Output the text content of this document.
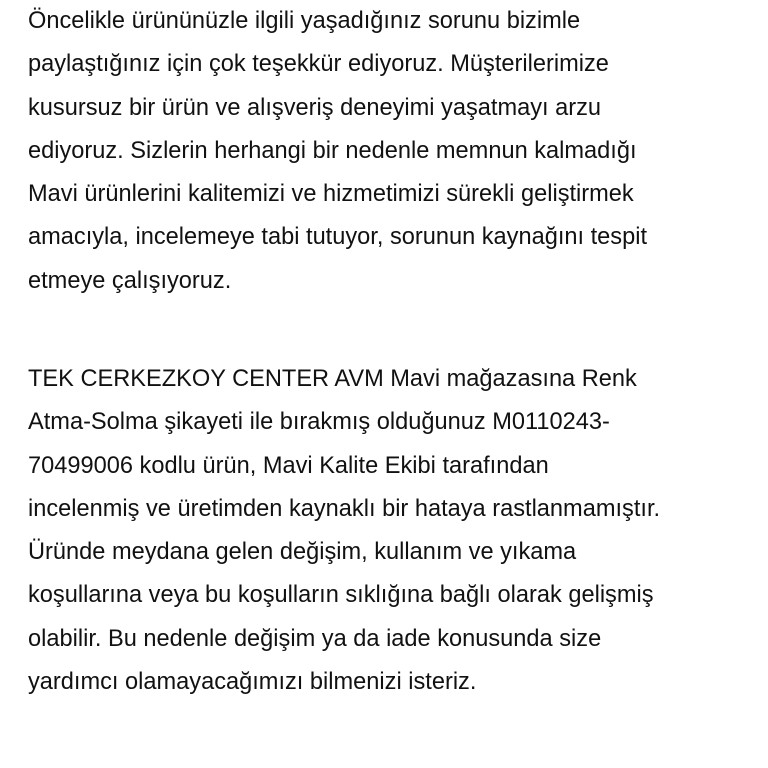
Öncelikle ürününüzle ilgili yaşadığınız sorunu bizimle
paylaştığınız için çok teşekkür ediyoruz. Müşterilerimize
kusursuz bir ürün ve alışveriş deneyimi yaşatmayı arzu
ediyoruz. Sizlerin herhangi bir nedenle memnun kalmadığı
Mavi ürünlerini kalitemizi ve hizmetimizi sürekli geliştirmek
amacıyla, incelemeye tabi tutuyor, sorunun kaynağını tespit
etmeye çalışıyoruz.
TEK CERKEZKOY CENTER AVM Mavi mağazasına Renk
Atma-Solma şikayeti ile bırakmış olduğunuz M0110243-
70499006 kodlu ürün, Mavi Kalite Ekibi tarafından
incelenmiş ve üretimden kaynaklı bir hataya rastlanmamıştır.
Üründe meydana gelen değişim, kullanım ve yıkama
koşullarına veya bu koşulların sıklığına bağlı olarak gelişmiş
olabilir. Bu nedenle değişim ya da iade konusunda size
yardımcı olamayacağımızı bilmenizi isteriz.
